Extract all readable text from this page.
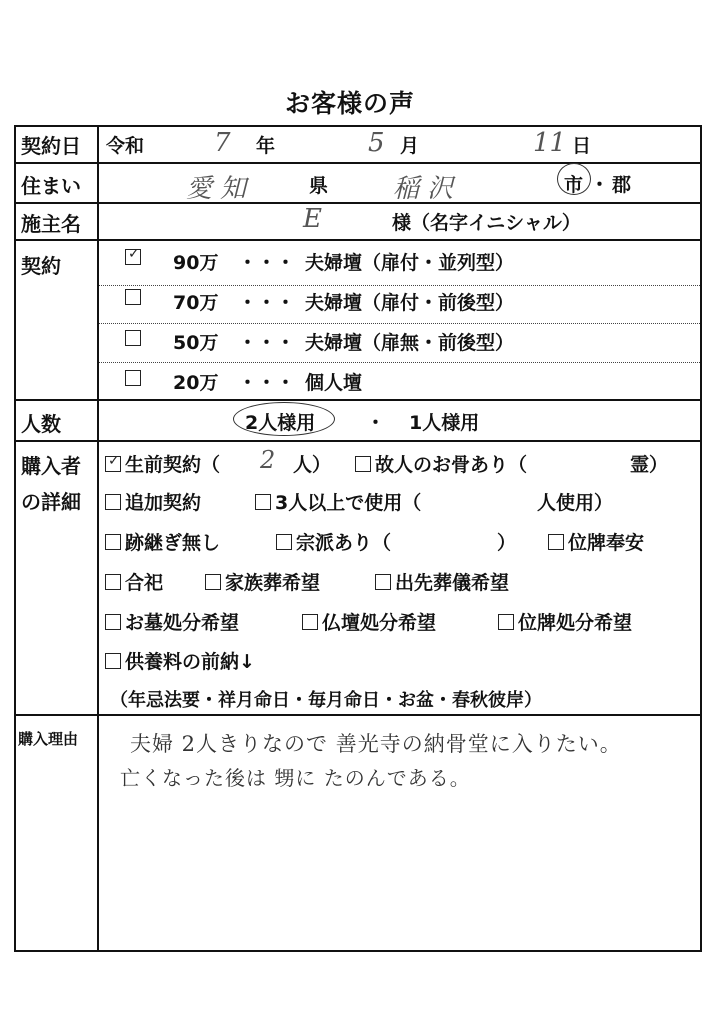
お客様の声
契約日 令和	7 年	5 月	11 日
住まい	愛知	県 稲沢	市 ・ 郡
施主名	E	様（名字イニシャル）
契約	✓ 90万 ・・・ 夫婦壇（扉付・並列型）
70万 ・・・ 夫婦壇（扉付・前後型）
50万 ・・・ 夫婦壇（扉無・前後型）
20万 ・・・ 個人壇
人数	2人様用	・ 1人様用
購入者
の詳細
✓ 生前契約（ 2 人）	故人のお骨あり（	霊）
追加契約	3人以上で使用（	人使用）
跡継ぎ無し	宗派あり（	）	位牌奉安
合祀	家族葬希望	出先葬儀希望
お墓処分希望	仏壇処分希望	位牌処分希望
供養料の前納↓
（年忌法要・祥月命日・毎月命日・お盆・春秋彼岸）
購入理由 夫婦 2人きりなので 善光寺の納骨堂に入りたい。
亡くなった後は 甥に たのんである。
